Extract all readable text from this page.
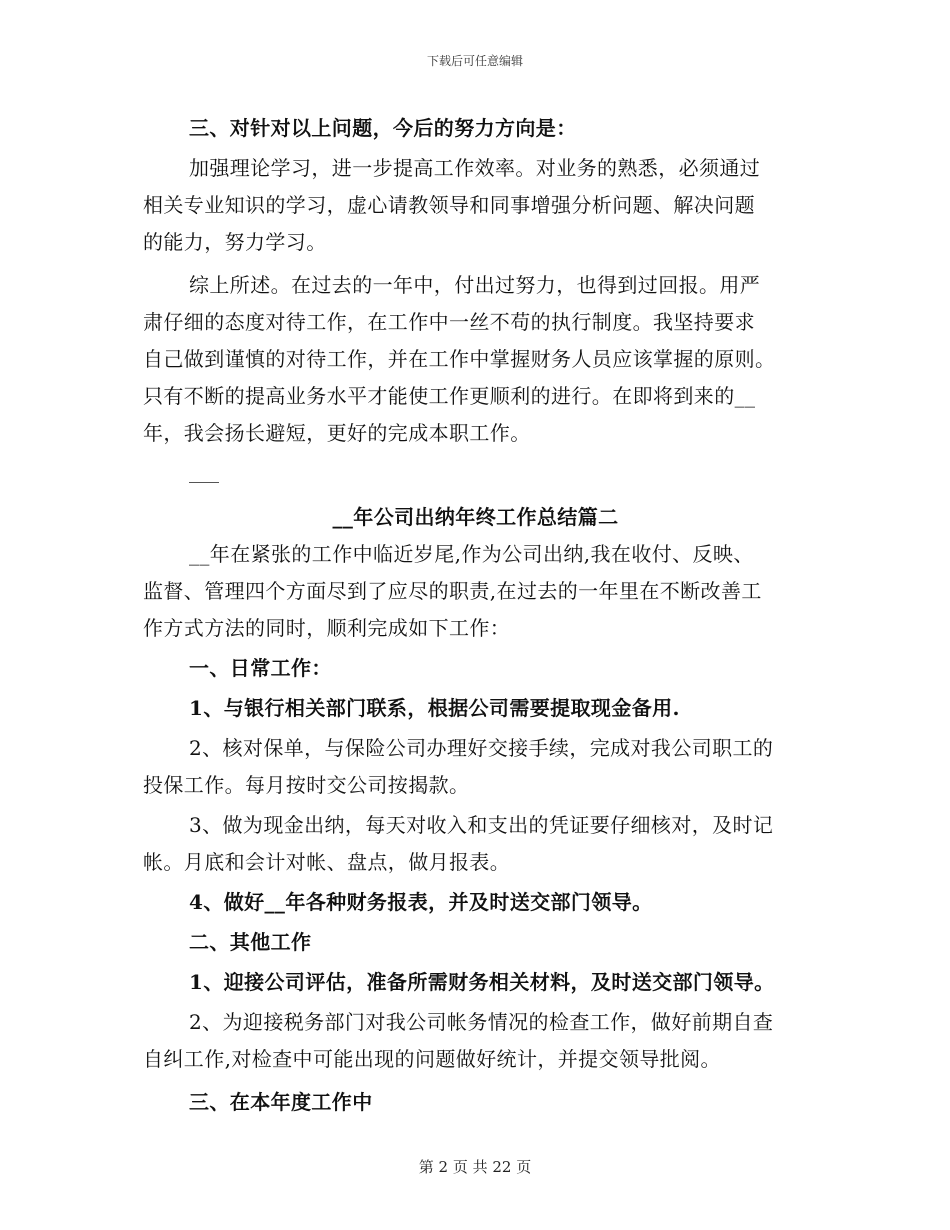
下载后可任意编辑
三、对针对以上问题，今后的努力方向是：
加强理论学习，进一步提高工作效率。对业务的熟悉，必须通过
相关专业知识的学习，虚心请教领导和同事增强分析问题、解决问题
的能力，努力学习。
综上所述。在过去的一年中，付出过努力，也得到过回报。用严
肃仔细的态度对待工作，在工作中一丝不苟的执行制度。我坚持要求
自己做到谨慎的对待工作，并在工作中掌握财务人员应该掌握的原则。
只有不断的提高业务水平才能使工作更顺利的进行。在即将到来的__
年，我会扬长避短，更好的完成本职工作。
__年公司出纳年终工作总结篇二
__年在紧张的工作中临近岁尾,作为公司出纳,我在收付、反映、
监督、管理四个方面尽到了应尽的职责,在过去的一年里在不断改善工
作方式方法的同时，顺利完成如下工作：
一、日常工作：
1、与银行相关部门联系，根据公司需要提取现金备用.
2、核对保单，与保险公司办理好交接手续，完成对我公司职工的
投保工作。每月按时交公司按揭款。
3、做为现金出纳，每天对收入和支出的凭证要仔细核对，及时记
帐。月底和会计对帐、盘点，做月报表。
4、做好__年各种财务报表，并及时送交部门领导。
二、其他工作
1、迎接公司评估，准备所需财务相关材料，及时送交部门领导。
2、为迎接税务部门对我公司帐务情况的检查工作，做好前期自查
自纠工作,对检查中可能出现的问题做好统计，并提交领导批阅。
三、在本年度工作中
第 2 页 共 22 页
